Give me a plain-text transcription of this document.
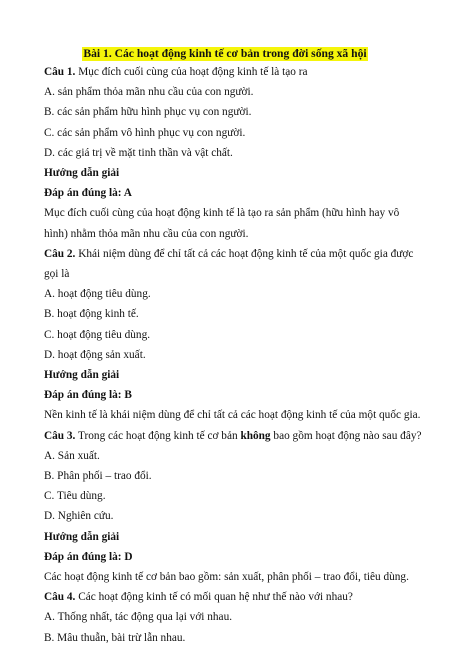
Bài 1. Các hoạt động kinh tế cơ bản trong đời sống xã hội
Câu 1. Mục đích cuối cùng của hoạt động kinh tế là tạo ra
A. sản phẩm thỏa mãn nhu cầu của con người.
B. các sản phẩm hữu hình phục vụ con người.
C. các sản phẩm vô hình phục vụ con người.
D. các giá trị về mặt tinh thần và vật chất.
Hướng dẫn giải
Đáp án đúng là: A
Mục đích cuối cùng của hoạt động kinh tế là tạo ra sản phẩm (hữu hình hay vô hình) nhằm thỏa mãn nhu cầu của con người.
Câu 2. Khái niệm dùng để chỉ tất cả các hoạt động kinh tế của một quốc gia được gọi là
A. hoạt động tiêu dùng.
B. hoạt động kinh tế.
C. hoạt động tiêu dùng.
D. hoạt động sản xuất.
Hướng dẫn giải
Đáp án đúng là: B
Nền kinh tế là khái niệm dùng để chỉ tất cả các hoạt động kinh tế của một quốc gia.
Câu 3. Trong các hoạt động kinh tế cơ bản không bao gồm hoạt động nào sau đây?
A. Sản xuất.
B. Phân phối – trao đổi.
C. Tiêu dùng.
D. Nghiên cứu.
Hướng dẫn giải
Đáp án đúng là: D
Các hoạt động kinh tế cơ bản bao gồm: sản xuất, phân phối – trao đổi, tiêu dùng.
Câu 4. Các hoạt động kinh tế có mối quan hệ như thế nào với nhau?
A. Thống nhất, tác động qua lại với nhau.
B. Mâu thuẫn, bài trừ lẫn nhau.
